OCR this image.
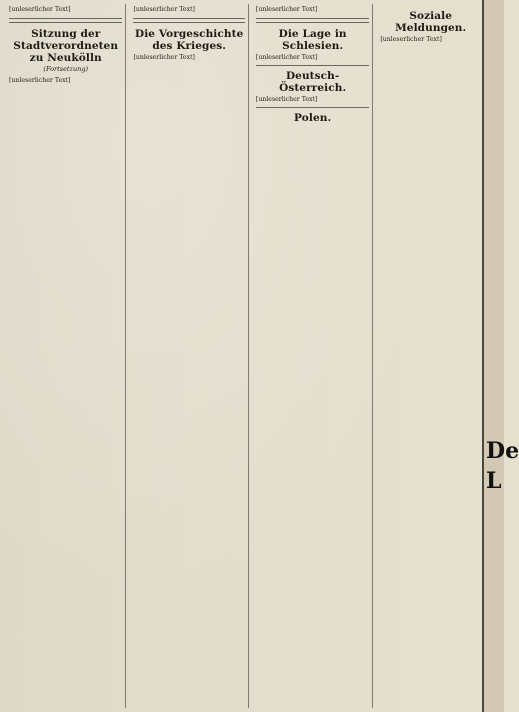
[unleserlicher Text]
Sitzung der Stadtverordneten zu Neukölln
(Fortsetzung)
[unleserlicher Text]
[unleserlicher Text]
Die Vorgeschichte des Krieges.
[unleserlicher Text]
[unleserlicher Text]
Die Lage in Schlesien.
[unleserlicher Text]
Deutsch-Österreich.
[unleserlicher Text]
Polen.
Soziale Meldungen.
[unleserlicher Text]
De
L
